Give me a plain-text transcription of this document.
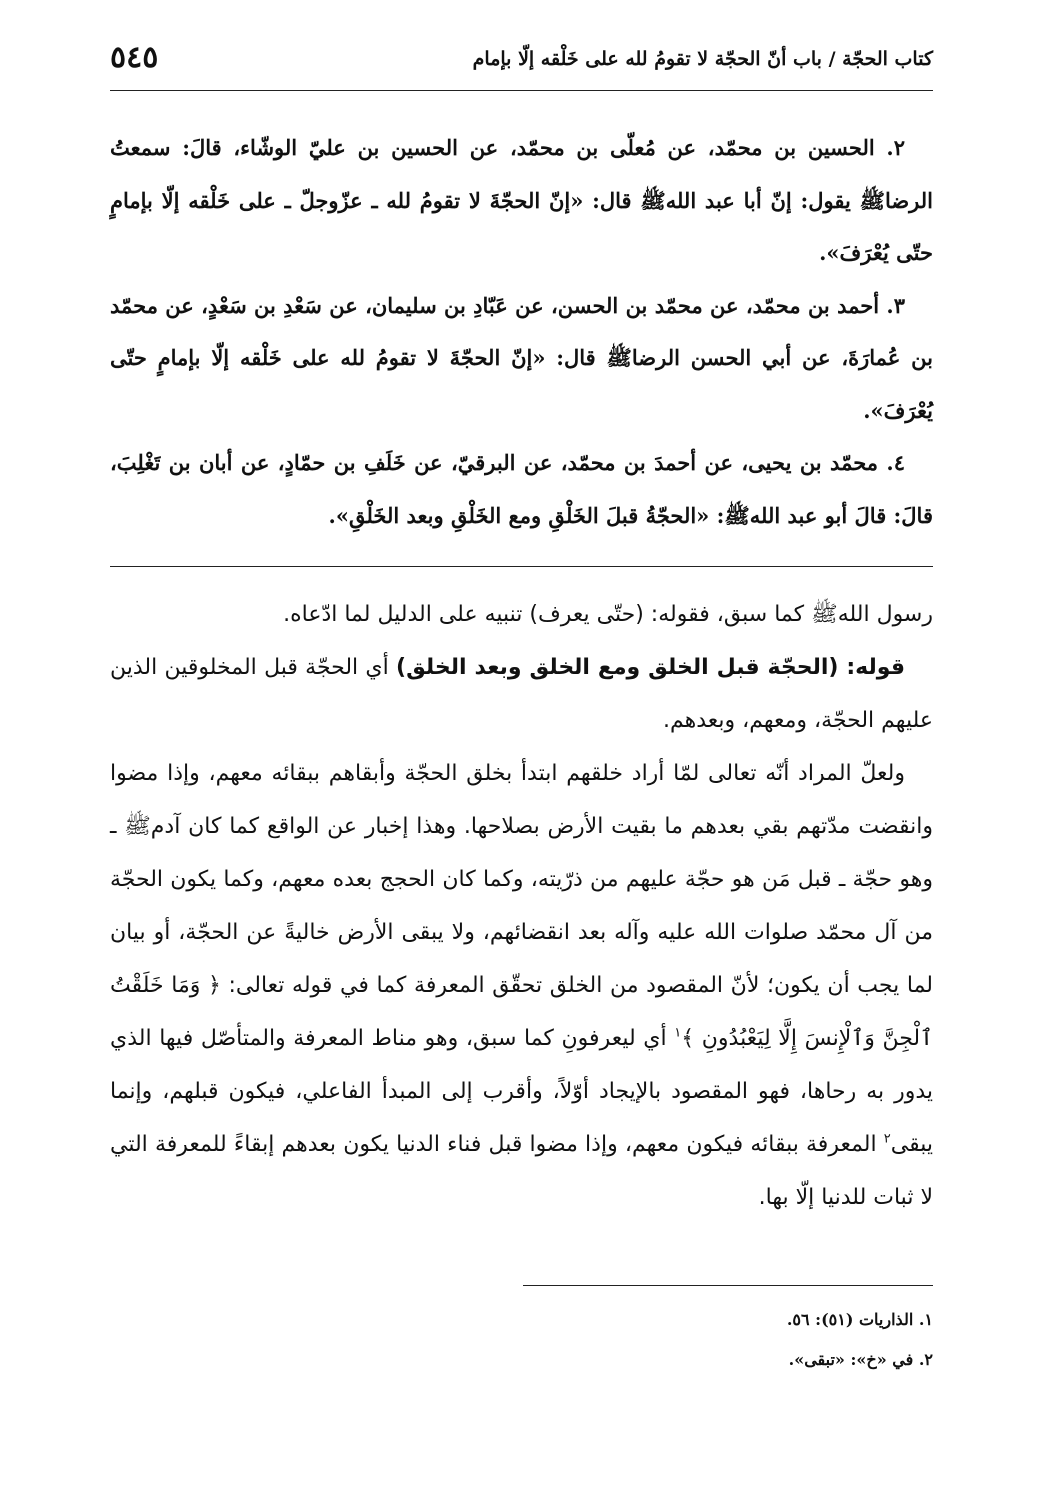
كتاب الحجّة / باب أنّ الحجّة لا تقومُ لله على خَلْقه إلّا بإمام
٥٤٥

٢. الحسين بن محمّد، عن مُعلّى بن محمّد، عن الحسين بن عليّ الوشّاء، قالَ: سمعتُ الرضاﷺ يقول: إنّ أبا عبد اللهﷺ قال: «إنّ الحجّةَ لا تقومُ لله ـ عزّوجلّ ـ على خَلْقه إلّا بإمامٍ حتّى يُعْرَفَ».

٣. أحمد بن محمّد، عن محمّد بن الحسن، عن عَبّادِ بن سليمان، عن سَعْدِ بن سَعْدٍ، عن محمّد بن عُمارَةَ، عن أبي الحسن الرضاﷺ قال: «إنّ الحجّةَ لا تقومُ لله على خَلْقه إلّا بإمامٍ حتّى يُعْرَفَ».

٤. محمّد بن يحيى، عن أحمدَ بن محمّد، عن البرقيّ، عن خَلَفِ بن حمّادٍ، عن أبان بن تَغْلِبَ، قالَ: قالَ أبو عبد اللهﷺ: «الحجّةُ قبلَ الخَلْقِ ومع الخَلْقِ وبعد الخَلْقِ».

رسول اللهﷺ كما سبق، فقوله: (حتّى يعرف) تنبيه على الدليل لما ادّعاه.

قوله: (الحجّة قبل الخلق ومع الخلق وبعد الخلق) أي الحجّة قبل المخلوقين الذين عليهم الحجّة، ومعهم، وبعدهم.

ولعلّ المراد أنّه تعالى لمّا أراد خلقهم ابتدأ بخلق الحجّة وأبقاهم ببقائه معهم، وإذا مضوا وانقضت مدّتهم بقي بعدهم ما بقيت الأرض بصلاحها. وهذا إخبار عن الواقع كما كان آدمﷺ ـ وهو حجّة ـ قبل مَن هو حجّة عليهم من ذرّيته، وكما كان الحجج بعده معهم، وكما يكون الحجّة من آل محمّد صلوات الله عليه وآله بعد انقضائهم، ولا يبقى الأرض خاليةً عن الحجّة، أو بيان لما يجب أن يكون؛ لأنّ المقصود من الخلق تحقّق المعرفة كما في قوله تعالى: ﴿ وَمَا خَلَقْتُ ٱلْجِنَّ وَٱلْإِنسَ إِلَّا لِيَعْبُدُونِ ﴾$^١$ أي ليعرفونِ كما سبق، وهو مناط المعرفة والمتأصّل فيها الذي يدور به رحاها، فهو المقصود بالإيجاد أوّلاً، وأقرب إلى المبدأ الفاعلي، فيكون قبلهم، وإنما يبقى$^٢$ المعرفة ببقائه فيكون معهم، وإذا مضوا قبل فناء الدنيا يكون بعدهم إبقاءً للمعرفة التي لا ثبات للدنيا إلّا بها.

١. الذاريات (٥١): ٥٦.
٢. في «خ»: «تبقى».
